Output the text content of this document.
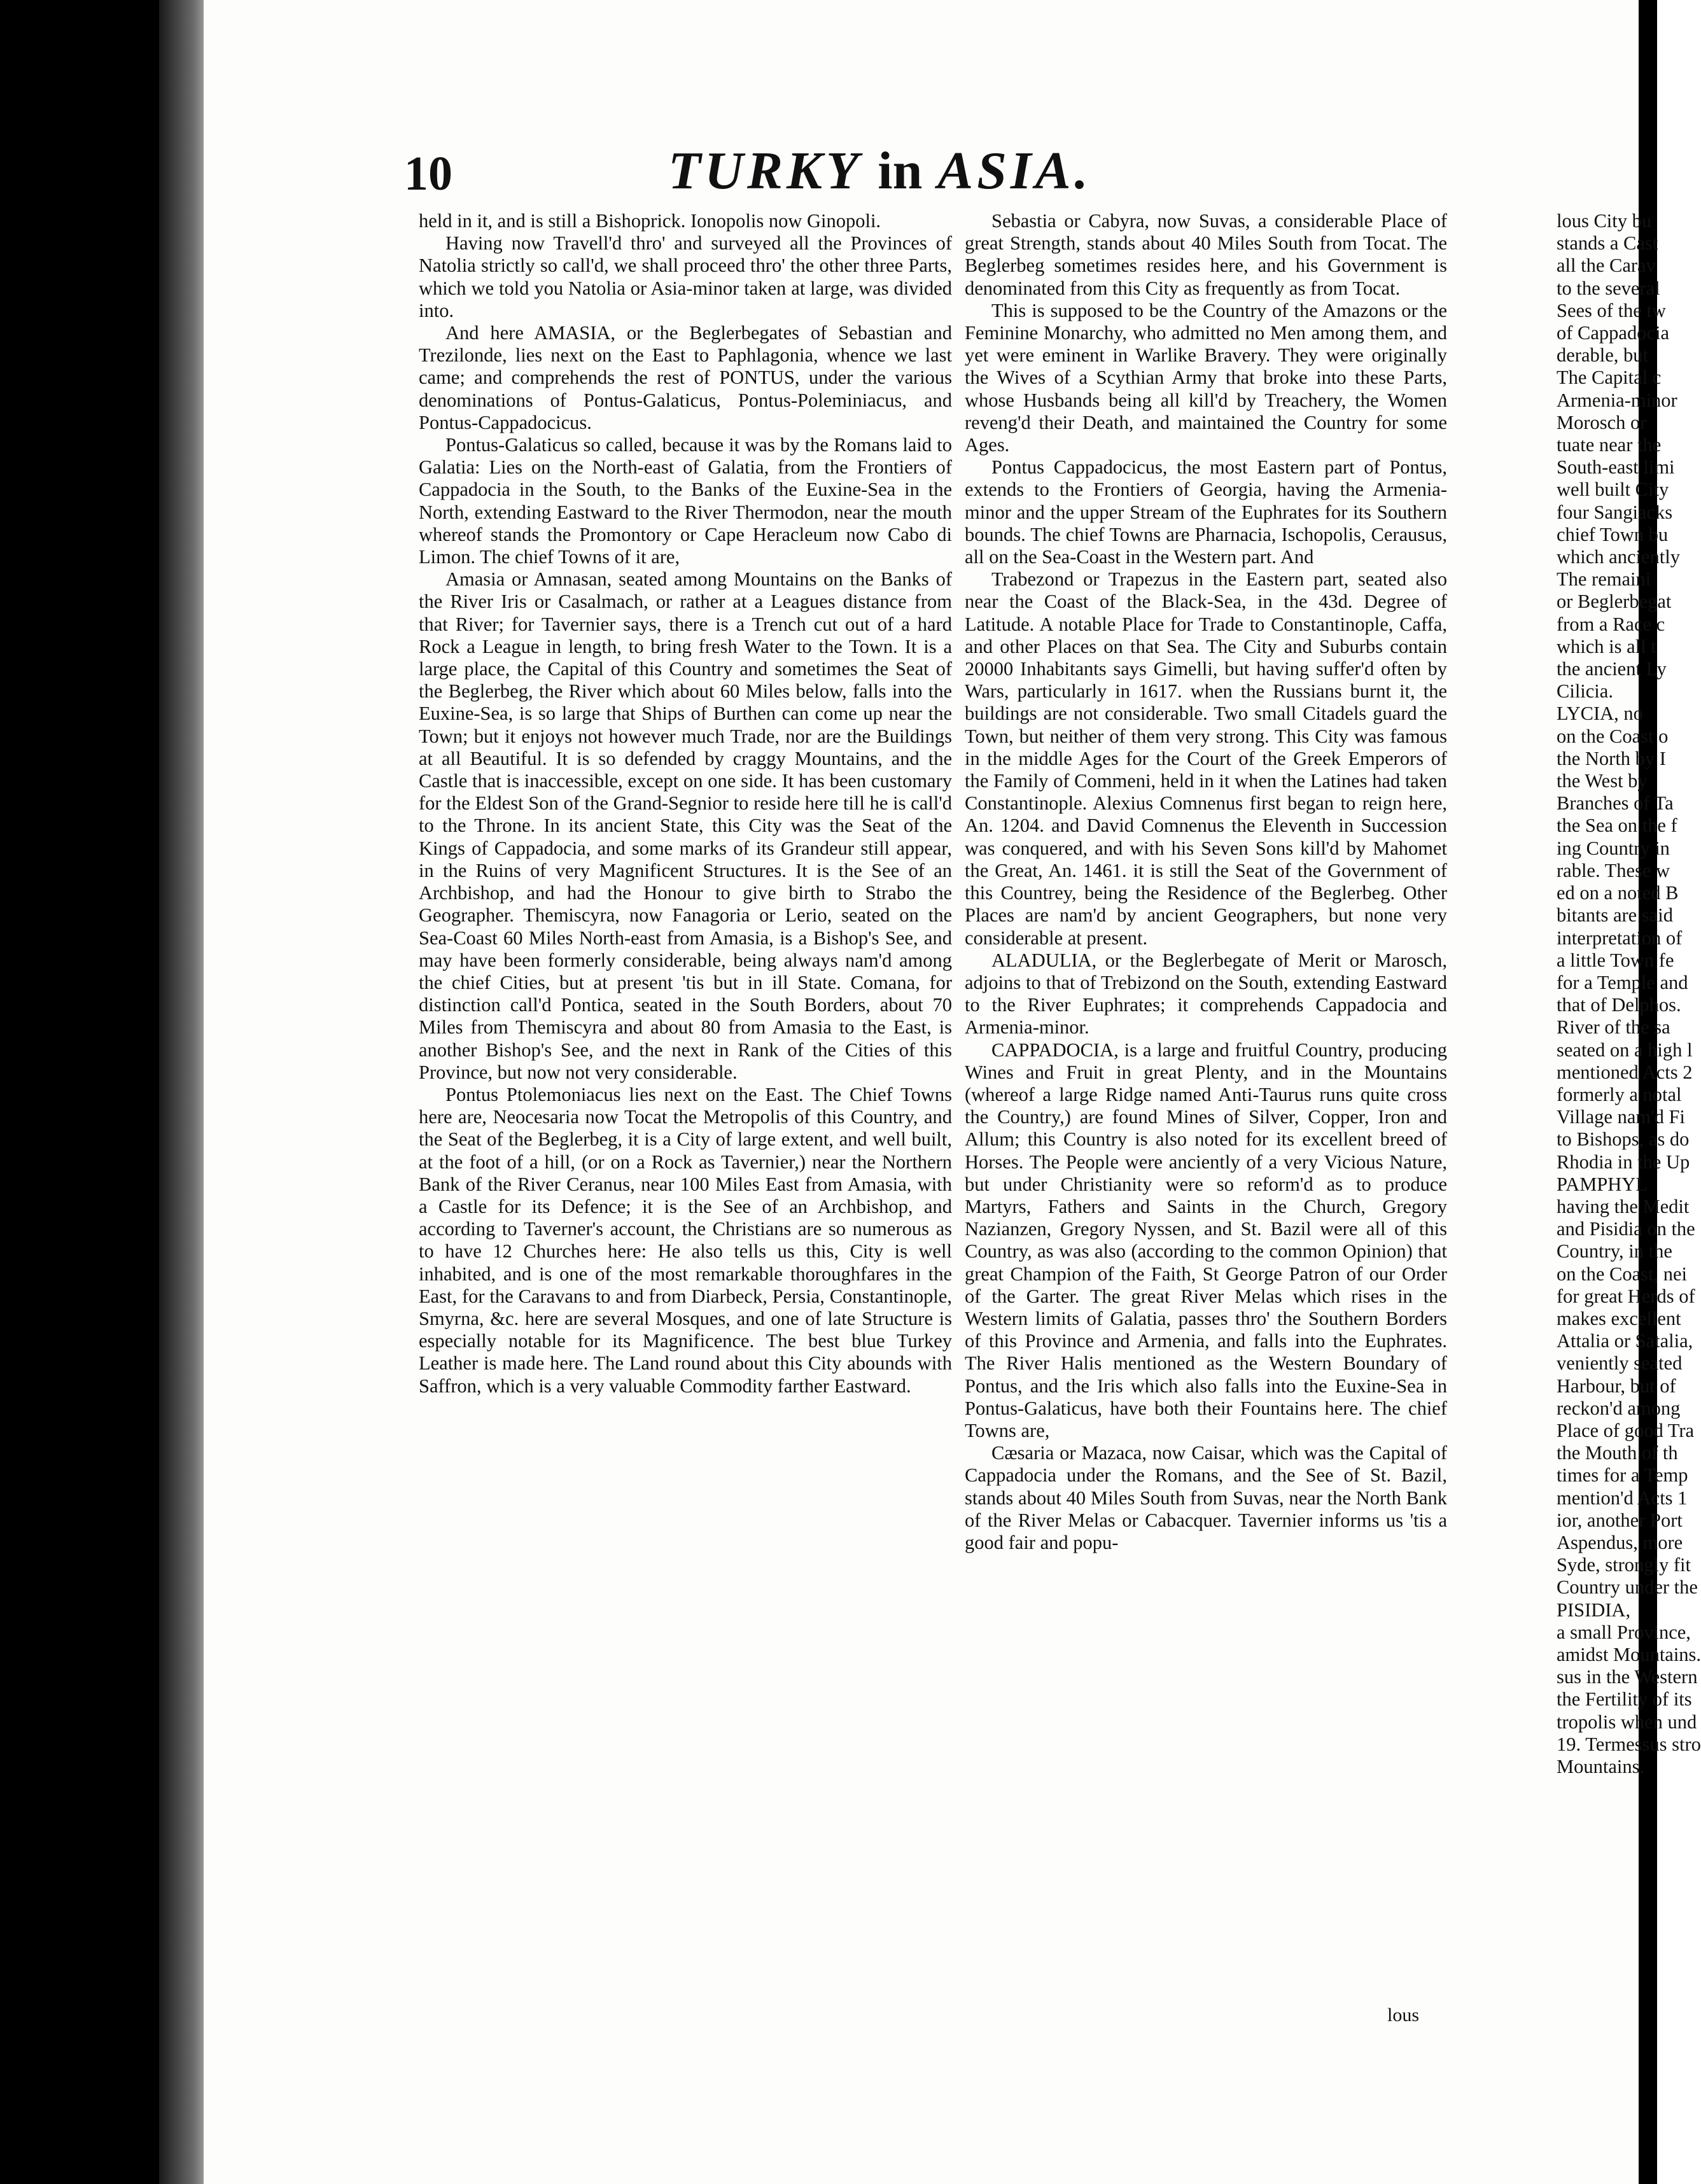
10	TURKY in ASIA.

held in it, and is still a Bishoprick. Ionopolis now Ginopoli.

Having now Travell'd thro' and surveyed all the Provinces of Natolia strictly so call'd, we shall proceed thro' the other three Parts, which we told you Natolia or Asia-minor taken at large, was divided into.

And here AMASIA, or the Beglerbegates of Sebastian and Trezilonde, lies next on the East to Paphlagonia, whence we last came; and comprehends the rest of PONTUS, under the various denominations of Pontus-Galaticus, Pontus-Poleminiacus, and Pontus-Cappadocicus.

Pontus-Galaticus so called, because it was by the Romans laid to Galatia: Lies on the North-east of Galatia, from the Frontiers of Cappadocia in the South, to the Banks of the Euxine-Sea in the North, extending Eastward to the River Thermodon, near the mouth whereof stands the Promontory or Cape Heracleum now Cabo di Limon. The chief Towns of it are,

Amasia or Amnasan, seated among Mountains on the Banks of the River Iris or Casalmach, or rather at a Leagues distance from that River; for Tavernier says, there is a Trench cut out of a hard Rock a League in length, to bring fresh Water to the Town. It is a large place, the Capital of this Country and sometimes the Seat of the Beglerbeg, the River which about 60 Miles below, falls into the Euxine-Sea, is so large that Ships of Burthen can come up near the Town; but it enjoys not however much Trade, nor are the Buildings at all Beautiful. It is so defended by craggy Mountains, and the Castle that is inaccessible, except on one side. It has been customary for the Eldest Son of the Grand-Segnior to reside here till he is call'd to the Throne. In its ancient State, this City was the Seat of the Kings of Cappadocia, and some marks of its Grandeur still appear, in the Ruins of very Magnificent Structures. It is the See of an Archbishop, and had the Honour to give birth to Strabo the Geographer. Themiscyra, now Fanagoria or Lerio, seated on the Sea-Coast 60 Miles North-east from Amasia, is a Bishop's See, and may have been formerly considerable, being always nam'd among the chief Cities, but at present 'tis but in ill State. Comana, for distinction call'd Pontica, seated in the South Borders, about 70 Miles from Themiscyra and about 80 from Amasia to the East, is another Bishop's See, and the next in Rank of the Cities of this Province, but now not very considerable.

Pontus Ptolemoniacus lies next on the East. The Chief Towns here are, Neocesaria now Tocat the Metropolis of this Country, and the Seat of the Beglerbeg, it is a City of large extent, and well built, at the foot of a hill, (or on a Rock as Tavernier,) near the Northern Bank of the River Ceranus, near 100 Miles East from Amasia, with a Castle for its Defence; it is the See of an Archbishop, and according to Taverner's account, the Christians are so numerous as to have 12 Churches here: He also tells us this, City is well inhabited, and is one of the most remarkable thoroughfares in the East, for the Caravans to and from Diarbeck, Persia, Constantinople, Smyrna, &c. here are several Mosques, and one of late Structure is especially notable for its Magnificence. The best blue Turkey Leather is made here. The Land round about this City abounds with Saffron, which is a very valuable Commodity farther Eastward.

Sebastia or Cabyra, now Suvas, a considerable Place of great Strength, stands about 40 Miles South from Tocat. The Beglerbeg sometimes resides here, and his Government is denominated from this City as frequently as from Tocat.

This is supposed to be the Country of the Amazons or the Feminine Monarchy, who admitted no Men among them, and yet were eminent in Warlike Bravery. They were originally the Wives of a Scythian Army that broke into these Parts, whose Husbands being all kill'd by Treachery, the Women reveng'd their Death, and maintained the Country for some Ages.

Pontus Cappadocicus, the most Eastern part of Pontus, extends to the Frontiers of Georgia, having the Armenia-minor and the upper Stream of the Euphrates for its Southern bounds. The chief Towns are Pharnacia, Ischopolis, Cerausus, all on the Sea-Coast in the Western part. And

Trabezond or Trapezus in the Eastern part, seated also near the Coast of the Black-Sea, in the 43d. Degree of Latitude. A notable Place for Trade to Constantinople, Caffa, and other Places on that Sea. The City and Suburbs contain 20000 Inhabitants says Gimelli, but having suffer'd often by Wars, particularly in 1617. when the Russians burnt it, the buildings are not considerable. Two small Citadels guard the Town, but neither of them very strong. This City was famous in the middle Ages for the Court of the Greek Emperors of the Family of Commeni, held in it when the Latines had taken Constantinople. Alexius Comnenus first began to reign here, An. 1204. and David Comnenus the Eleventh in Succession was conquered, and with his Seven Sons kill'd by Mahomet the Great, An. 1461. it is still the Seat of the Government of this Countrey, being the Residence of the Beglerbeg. Other Places are nam'd by ancient Geographers, but none very considerable at present.

ALADULIA, or the Beglerbegate of Merit or Marosch, adjoins to that of Trebizond on the South, extending Eastward to the River Euphrates; it comprehends Cappadocia and Armenia-minor.

CAPPADOCIA, is a large and fruitful Country, producing Wines and Fruit in great Plenty, and in the Mountains (whereof a large Ridge named Anti-Taurus runs quite cross the Country,) are found Mines of Silver, Copper, Iron and Allum; this Country is also noted for its excellent breed of Horses. The People were anciently of a very Vicious Nature, but under Christianity were so reform'd as to produce Martyrs, Fathers and Saints in the Church, Gregory Nazianzen, Gregory Nyssen, and St. Bazil were all of this Country, as was also (according to the common Opinion) that great Champion of the Faith, St George Patron of our Order of the Garter. The great River Melas which rises in the Western limits of Galatia, passes thro' the Southern Borders of this Province and Armenia, and falls into the Euphrates. The River Halis mentioned as the Western Boundary of Pontus, and the Iris which also falls into the Euxine-Sea in Pontus-Galaticus, have both their Fountains here. The chief Towns are,

Cæsaria or Mazaca, now Caisar, which was the Capital of Cappadocia under the Romans, and the See of St. Bazil, stands about 40 Miles South from Suvas, near the North Bank of the River Melas or Cabacquer. Tavernier informs us 'tis a good fair and popu-

lous City bu

stands a Cast

all the Carav

to the several

Sees of the tw

of Cappadocia

derable, but

The Capital c

Armenia-minor

Morosch or

tuate near the

South-east limi

well built City

four Sangiacks

chief Town bu

which anciently

The remaini

or Beglerbegat

from a Race c

which is all t

the ancient Ly

Cilicia.

LYCIA, no

on the Coast o

the North by I

the West by

Branches of Ta

the Sea on the f

ing Country in

rable. These w

ed on a noted B

bitants are said

interpretation of

a little Town fe

for a Temple and

that of Delphos.

River of the sa

seated on a high l

mentioned Acts 2

formerly a notal

Village nam'd Fi

to Bishops, as do

Rhodia in the Up

PAMPHYL

having the Medit

and Pisidia on the

Country, in the

on the Coast, nei

for great Herds of

makes excellent

Attalia or Satalia,

veniently seated

Harbour, but of

reckon'd among

Place of good Tra

the Mouth of th

times for a Temp

mention'd Acts 1

ior, another Port

Aspendus, more

Syde, strongly fit

Country under the

PISIDIA,

a small Province,

amidst Mountains.

sus in the Western

the Fertility of its

tropolis when und

19. Termessus stro

Mountains.

lous
